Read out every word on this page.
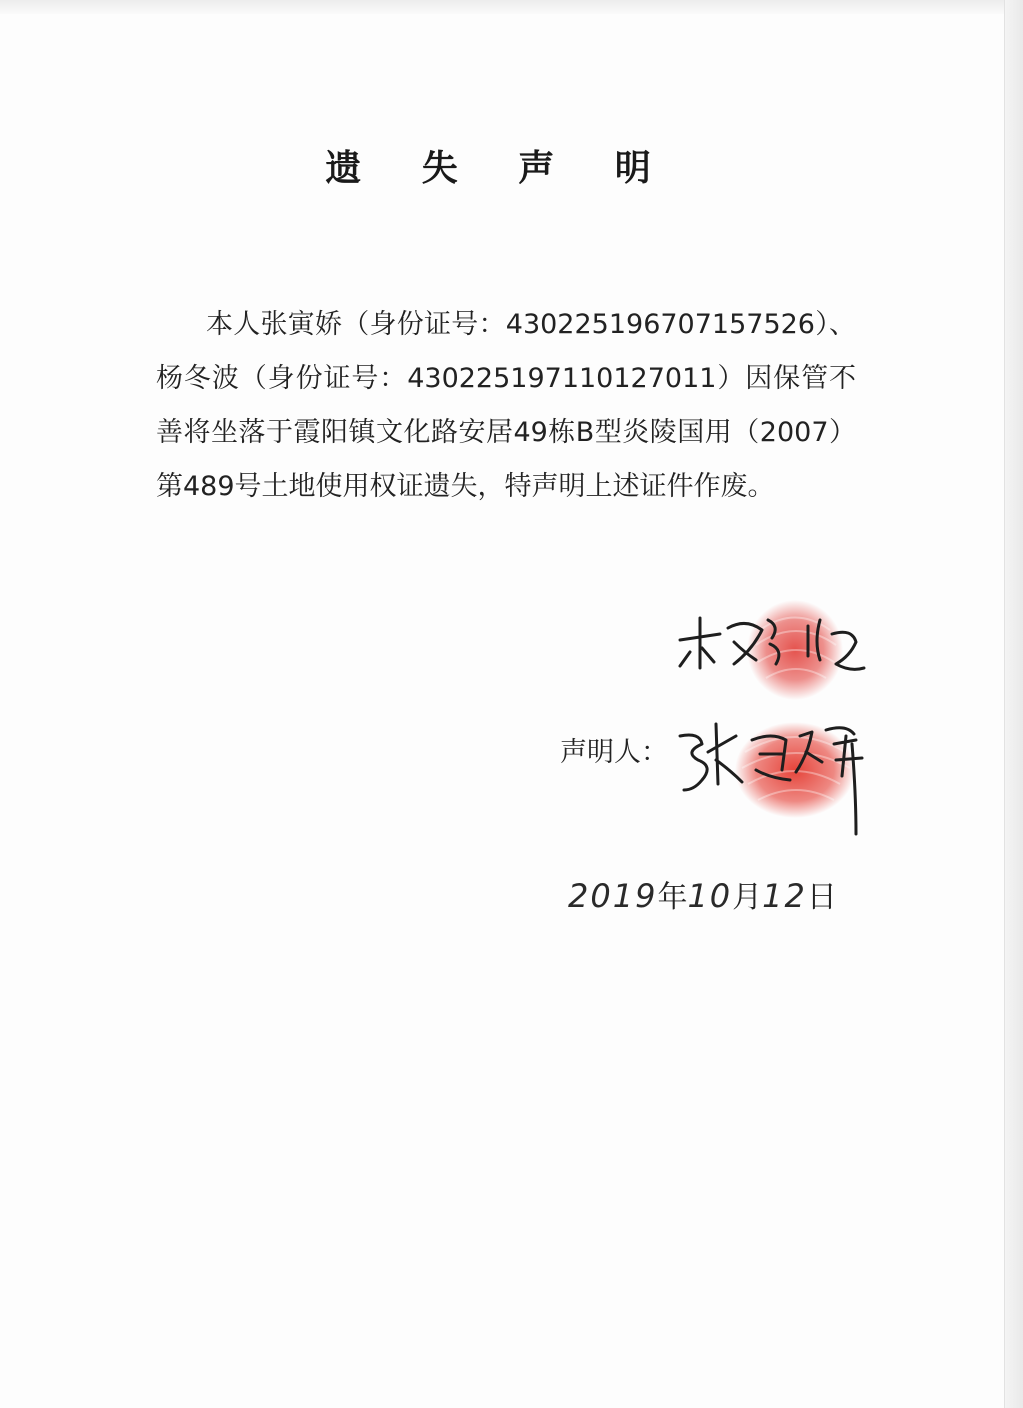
遗 失 声 明

本人张寅娇（身份证号：430225196707157526）、杨冬波（身份证号：430225197110127011）因保管不善将坐落于霞阳镇文化路安居49栋B型炎陵国用（2007）第489号土地使用权证遗失，特声明上述证件作废。

声明人：
2019年10月12日
